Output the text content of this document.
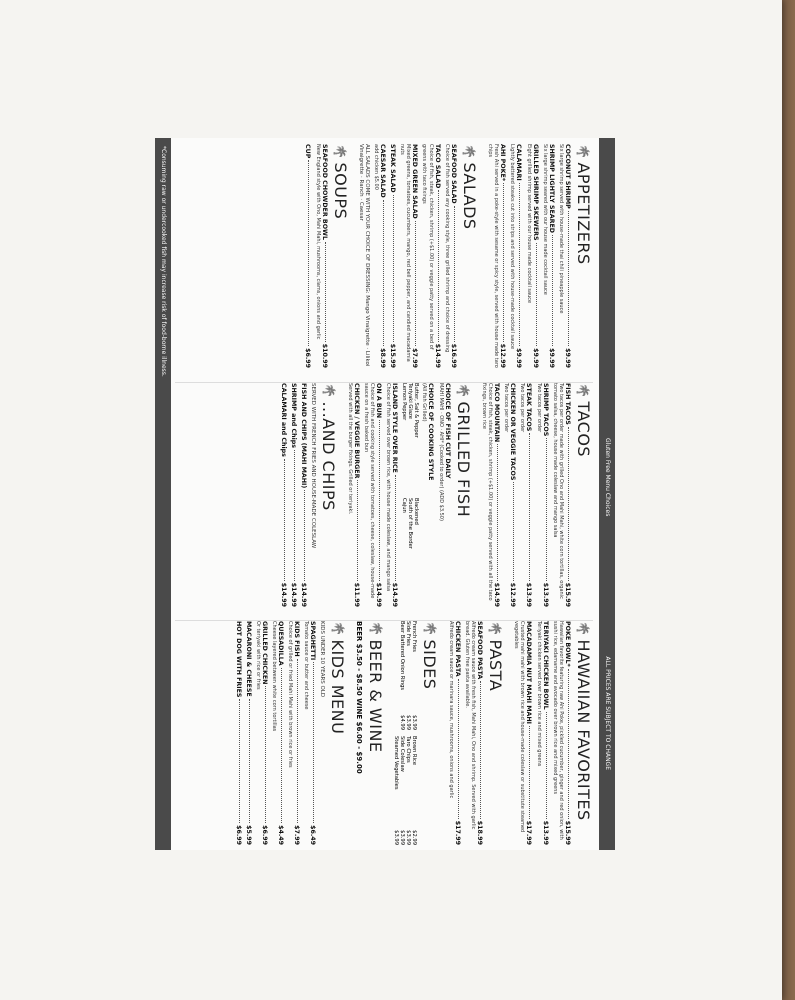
Gluten Free Menu Choices
ALL PRICES ARE SUBJECT TO CHANGE
🌴
APPETIZERS
COCONUT SHRIMP
$9.99
Six large shrimp served with house-made thai chili pineapple sauce
SHRIMP LIGHTLY SEARED
$9.99
Six large shrimp seared with our house made cocktail sauce
GRILLED SHRIMP SKEWERS
$9.99
Eight grilled shrimp served with our house made cocktail sauce
CALAMARI
$9.99
Lightly battered steaks cut into strips and served with house-made cocktail sauce
AHI POKE*
$12.99
Fresh Ahi served in a poke-style with sesame or spicy style, served with house made taro chips
🌴
SALADS
SEAFOOD SALAD
$16.99
Choice of fish served any cooking style, three grilled shrimp and choice of dressing
TACO SALAD
$14.99
Choice of fish, steak, chicken, shrimp (+$1.00) or veggie patty served on a bed of greens with taco fixings
MIXED GREEN SALAD
$7.99
Mixed greens, tomatoes, cucumbers, mango, red bell pepper, and candied macadamia nuts
STEAK SALAD
$15.99
CAESAR SALAD
$8.99
add chicken $5.00
ALL SALADS COME WITH YOUR CHOICE OF DRESSING: Mango Vinaigrette · Lilikoi Vinaigrette · Ranch · Caesar
🌴
SOUPS
SEAFOOD CHOWDER BOWL
$10.99
New England style with Ono, Mahi Mahi, mushrooms, clams, onions and garlic
CUP
$6.99
🌴
TACOS
FISH TACOS
$15.99
Two tacos per order made with grilled Ono and Mahi Mahi, white corn tortillas, organic tomato salsa, cheese, house made coleslaw and mango salsa
SHRIMP TACOS
$13.99
Two tacos per order
STEAK TACOS
$13.99
Two tacos per order
CHICKEN OR VEGGIE TACOS
$12.99
Two tacos per order
TACO MOUNTAIN
$14.99
Choice of fish, steak, chicken, shrimp (+$1.00) or veggie patty served with all the taco fixings, brown rice
🌴
GRILLED FISH
CHOICE OF FISH CUT DAILY
MAHI MAHI · ONO · AHI* (Cooked to order) (ADD $3.50)
CHOICE OF COOKING STYLE
(All fish Grilled)
Butter, Salt & Pepper
Blackened
Teriyaki Glaze
South of the Border
Lemon Pepper
Cajun
ISLAND STYLE OVER RICE
$14.99
Choice of fish served over brown rice, with house made coleslaw, and mango salsa
ON A BUN
$14.99
Choice of fish and cooking style served with tomatoes, cheese, coleslaw, house-made sauce on a fresh baked bun
CHICKEN / VEGGIE BURGER
$11.99
Served with all the burger fixings. Grilled or teriyaki.
🌴
...AND CHIPS
SERVED WITH FRENCH FRIES AND HOUSE-MADE COLESLAW
FISH AND CHIPS (MAHI MAHI)
$14.99
SHRIMP and Chips
$14.99
CALAMARI and Chips
$14.99
🌴
HAWAIIAN FAVORITES
POKE BOWL*
$15.99
Hawaiian favorite featuring raw Ahi Poke, pickled cucumber, ginger and red onion, with sushi rice, edamame and avocado over brown rice and mixed greens
TERIYAKI CHICKEN BOWL
$13.99
Teriyaki chicken served over brown rice and mixed greens
MACADAMIA NUT MAHI MAHI
$17.99
Crusted mahi mahi with brown rice and house-made coleslaw or substitute steamed vegetables
🌴
PASTA
SEAFOOD PASTA
$18.99
Alfredo cream sauce with fresh fish, Mahi Mahi, Ono and shrimp. Served with garlic bread. Gluten free pasta available.
CHICKEN PASTA
$17.99
Alfredo cream sauce or marinara sauce, mushrooms, onions and garlic
🌴
SIDES
French Fries
$3.99
Brown Rice
$2.99
Side Fries
$3.99
Taro Chips
$3.99
Beer Battered Onion Rings
$4.99
Side Coleslaw
$3.99
Steamed Vegetables
$3.99
🌴
BEER & WINE
BEER $3.50 - $8.50 WINE $6.00 - $9.00
🌴
KIDS MENU
KIDS UNDER 10 YEARS OLD
SPAGHETTI
$6.49
Tomato sauce or butter and cheese
KIDS FISH
$7.99
Choice of grilled or fried Mahi Mahi with brown rice or fries
QUESADILLA
$4.49
Cheese layered between white corn tortillas
GRILLED CHICKEN
$6.99
Or teriyaki with rice or fries
MACARONI & CHEESE
$5.99
HOT DOG WITH FRIES
$6.99
*Consuming raw or undercooked fish may increase risk of food-borne illness.
